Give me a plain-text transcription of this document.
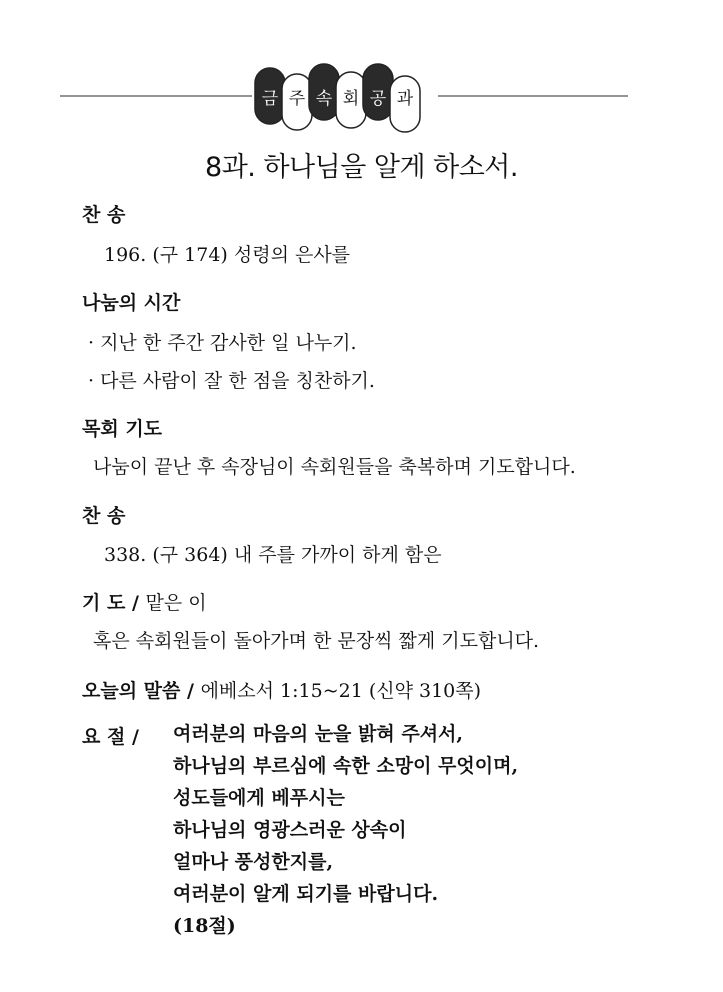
금 주 속 회 공 과
8과. 하나님을 알게 하소서.
찬 송
196. (구 174) 성령의 은사를
나눔의 시간
· 지난 한 주간 감사한 일 나누기.
· 다른 사람이 잘 한 점을 칭찬하기.
목회 기도
나눔이 끝난 후 속장님이 속회원들을 축복하며 기도합니다.
찬 송
338. (구 364) 내 주를 가까이 하게 함은
기 도 / 맡은 이
혹은 속회원들이 돌아가며 한 문장씩 짧게 기도합니다.
오늘의 말씀 / 에베소서 1:15~21 (신약 310쪽)
요 절 / 여러분의 마음의 눈을 밝혀 주셔서,
하나님의 부르심에 속한 소망이 무엇이며,
성도들에게 베푸시는
하나님의 영광스러운 상속이
얼마나 풍성한지를,
여러분이 알게 되기를 바랍니다.
(18절)
